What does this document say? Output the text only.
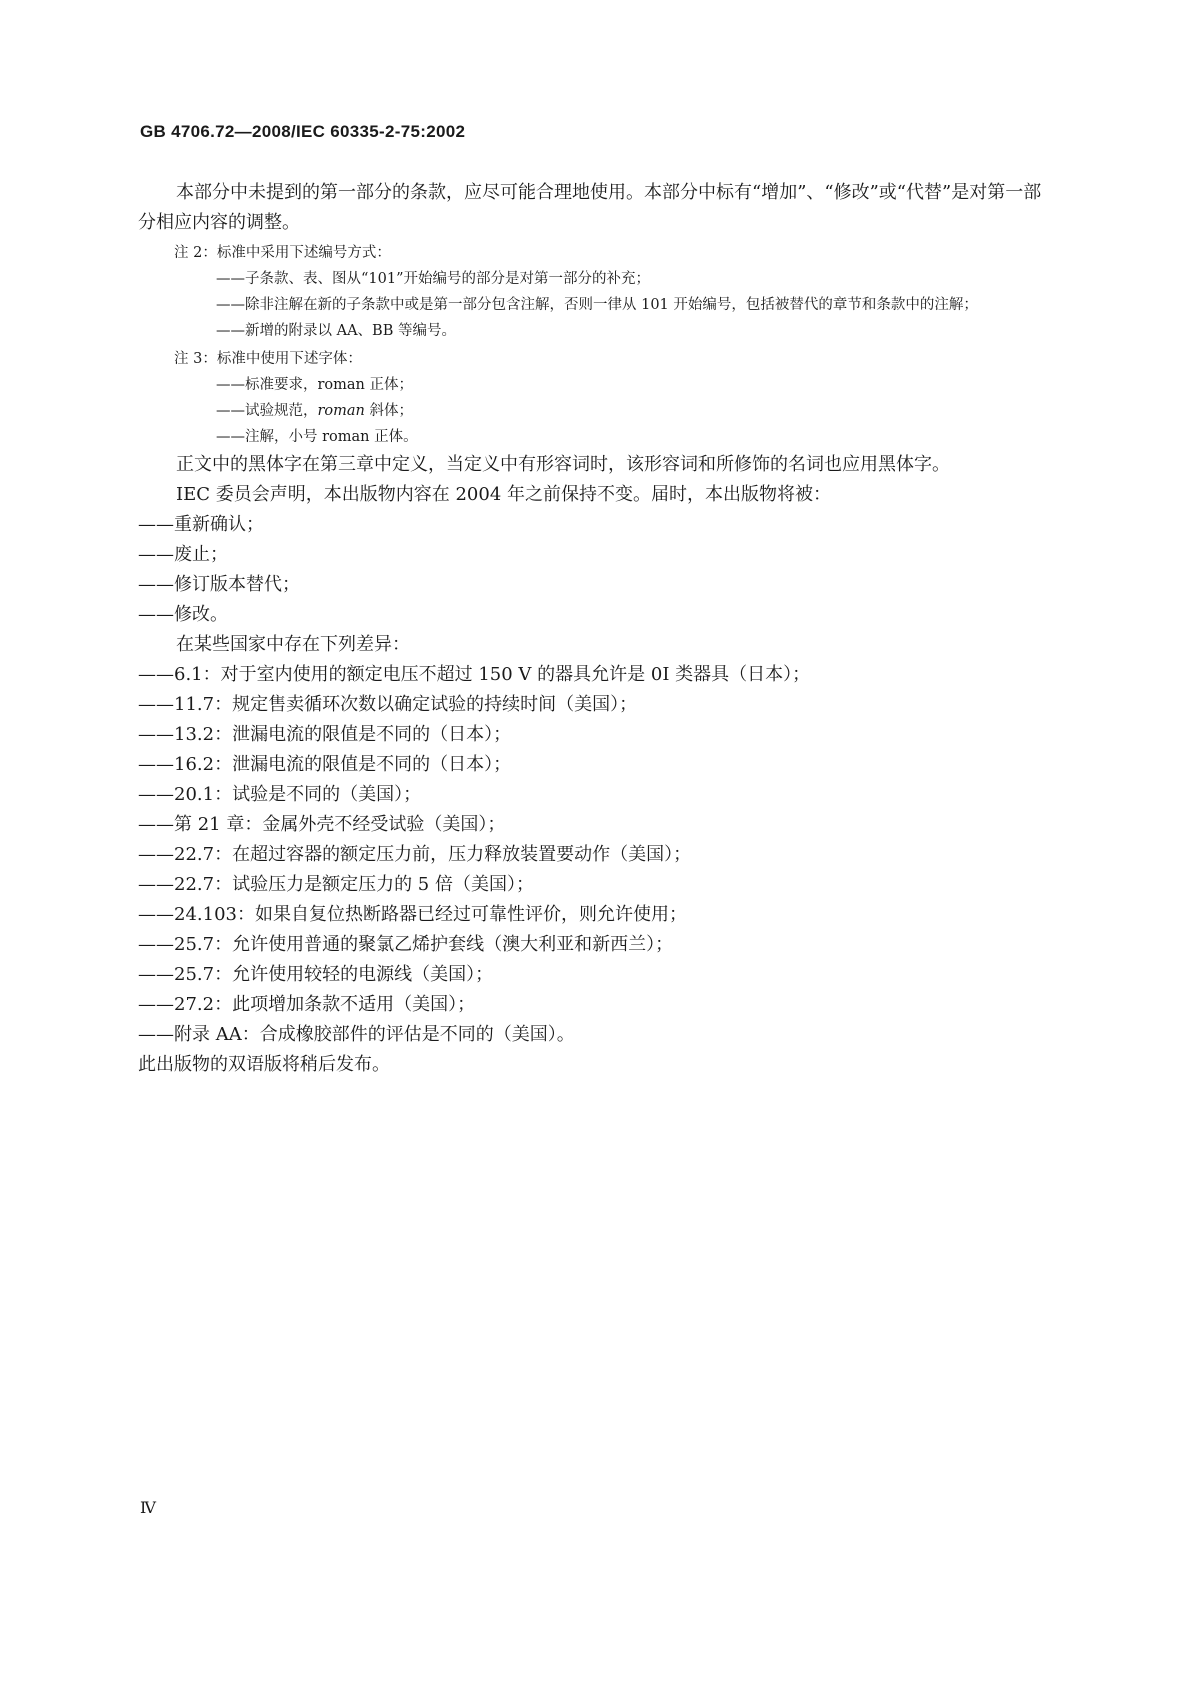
GB 4706.72—2008/IEC 60335-2-75:2002

本部分中未提到的第一部分的条款，应尽可能合理地使用。本部分中标有“增加”、“修改”或“代替”是对第一部分相应内容的调整。

注 2：标准中采用下述编号方式：
——子条款、表、图从“101”开始编号的部分是对第一部分的补充；
——除非注解在新的子条款中或是第一部分包含注解，否则一律从 101 开始编号，包括被替代的章节和条款中的注解；
——新增的附录以 AA、BB 等编号。
注 3：标准中使用下述字体：
——标准要求，roman 正体；
——试验规范，roman 斜体；
——注解，小号 roman 正体。

正文中的黑体字在第三章中定义，当定义中有形容词时，该形容词和所修饰的名词也应用黑体字。

IEC 委员会声明，本出版物内容在 2004 年之前保持不变。届时，本出版物将被：

——重新确认；
——废止；
——修订版本替代；
——修改。

在某些国家中存在下列差异：

——6.1：对于室内使用的额定电压不超过 150 V 的器具允许是 0I 类器具（日本）；
——11.7：规定售卖循环次数以确定试验的持续时间（美国）；
——13.2：泄漏电流的限值是不同的（日本）；
——16.2：泄漏电流的限值是不同的（日本）；
——20.1：试验是不同的（美国）；
——第 21 章：金属外壳不经受试验（美国）；
——22.7：在超过容器的额定压力前，压力释放装置要动作（美国）；
——22.7：试验压力是额定压力的 5 倍（美国）；
——24.103：如果自复位热断路器已经过可靠性评价，则允许使用；
——25.7：允许使用普通的聚氯乙烯护套线（澳大利亚和新西兰）；
——25.7：允许使用较轻的电源线（美国）；
——27.2：此项增加条款不适用（美国）；
——附录 AA：合成橡胶部件的评估是不同的（美国）。

此出版物的双语版将稍后发布。

Ⅳ
